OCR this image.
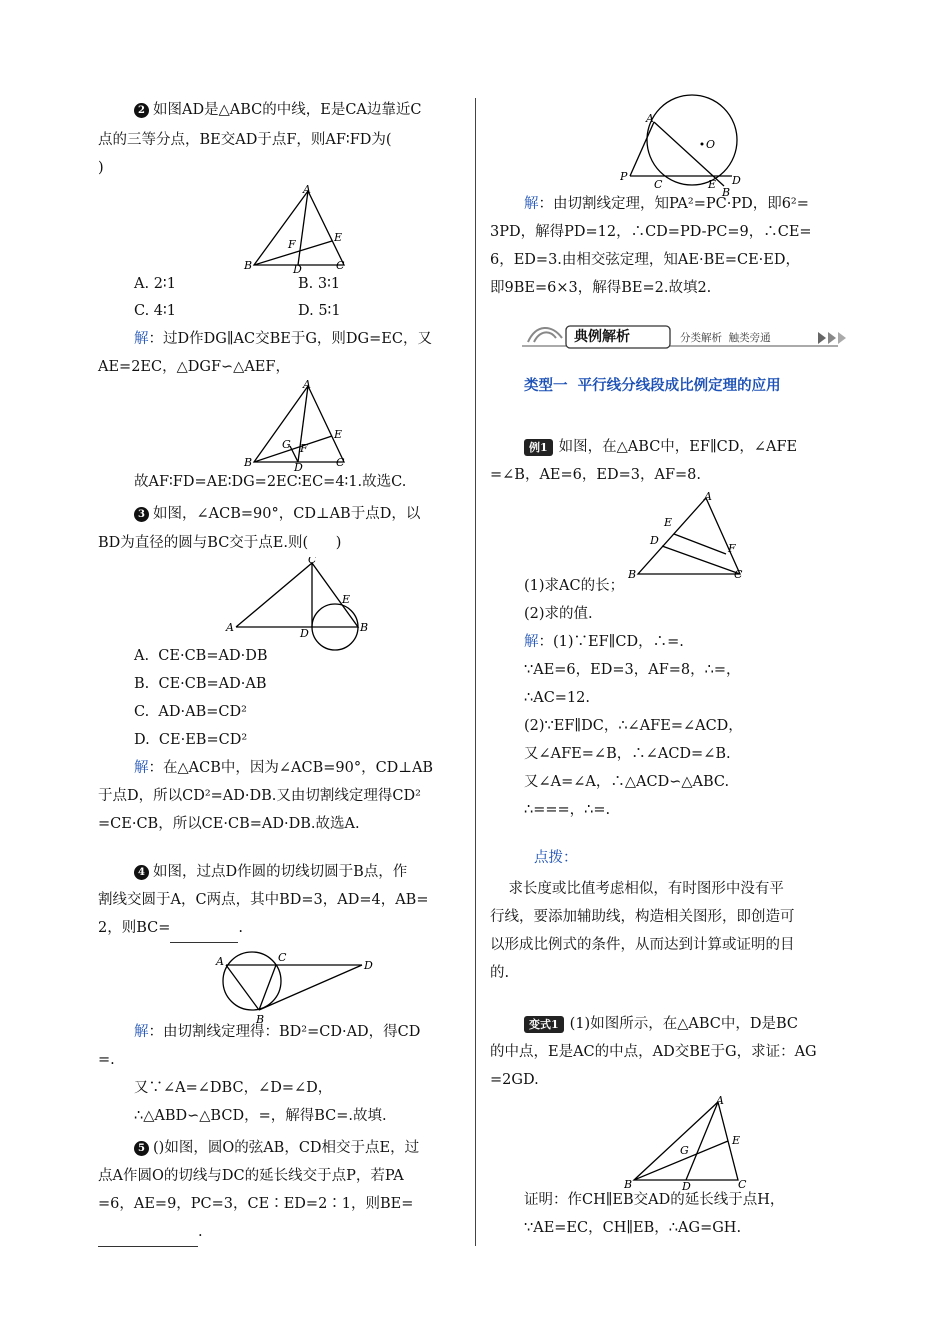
2 如图AD是△ABC的中线，E是CA边靠近C
点的三等分点，BE交AD于点F，则AF∶FD为(
)
A
B	C
D
E
F
A. 2∶1	B. 3∶1
C. 4∶1	D. 5∶1
解：过D作DG∥AC交BE于G，则DG=EC，又
AE=2EC，△DGF∽△AEF，
A
B	C
D
E
F
G
故AF∶FD=AE∶DG=2EC∶EC=4∶1.故选C.
3 如图，∠ACB=90°，CD⊥AB于点D，以
BD为直径的圆与BC交于点E.则(      )
C
A	B
D
E
A.  CE·CB=AD·DB
B.  CE·CB=AD·AB
C.  AD·AB=CD²
D.  CE·EB=CD²
解：在△ACB中，因为∠ACB=90°，CD⊥AB
于点D，所以CD²=AD·DB.又由切割线定理得CD²
=CE·CB，所以CE·CB=AD·DB.故选A.
4 如图，过点D作圆的切线切圆于B点，作
割线交圆于A，C两点，其中BD=3，AD=4，AB=
2，则BC=	.
A	C
D
B
解：由切割线定理得：BD²=CD·AD，得CD
=.
又∵∠A=∠DBC，∠D=∠D，
∴△ABD∽△BCD，=，解得BC=.故填.
5 ()如图，圆O的弦AB，CD相交于点E，过
点A作圆O的切线与DC的延长线交于点P，若PA
=6，AE=9，PC=3，CE∶ED=2∶1，则BE=
.
A
P
C	E D
B
O
解：由切割线定理，知PA²=PC·PD，即6²=
3PD，解得PD=12，∴CD=PD-PC=9，∴CE=
6，ED=3.由相交弦定理，知AE·BE=CE·ED，
即9BE=6×3，解得BE=2.故填2.
典例解析	分类解析  触类旁通
类型一  平行线分线段成比例定理的应用
例1 如图，在△ABC中，EF∥CD，∠AFE
=∠B，AE=6，ED=3，AF=8.
A
B	C
E
D
F
(1)求AC的长；
(2)求的值.
解：(1)∵EF∥CD，∴=.
∵AE=6，ED=3，AF=8，∴=，
∴AC=12.
(2)∵EF∥DC，∴∠AFE=∠ACD，
又∠AFE=∠B，∴∠ACD=∠B.
又∠A=∠A，∴△ACD∽△ABC.
∴===，∴=.
点拨：
求长度或比值考虑相似，有时图形中没有平
行线，要添加辅助线，构造相关图形，即创造可
以形成比例式的条件，从而达到计算或证明的目
的.
变式1 (1)如图所示，在△ABC中，D是BC
的中点，E是AC的中点，AD交BE于G，求证：AG
=2GD.
A
B	C
D
E
G
证明：作CH∥EB交AD的延长线于点H，
∵AE=EC，CH∥EB，∴AG=GH.
